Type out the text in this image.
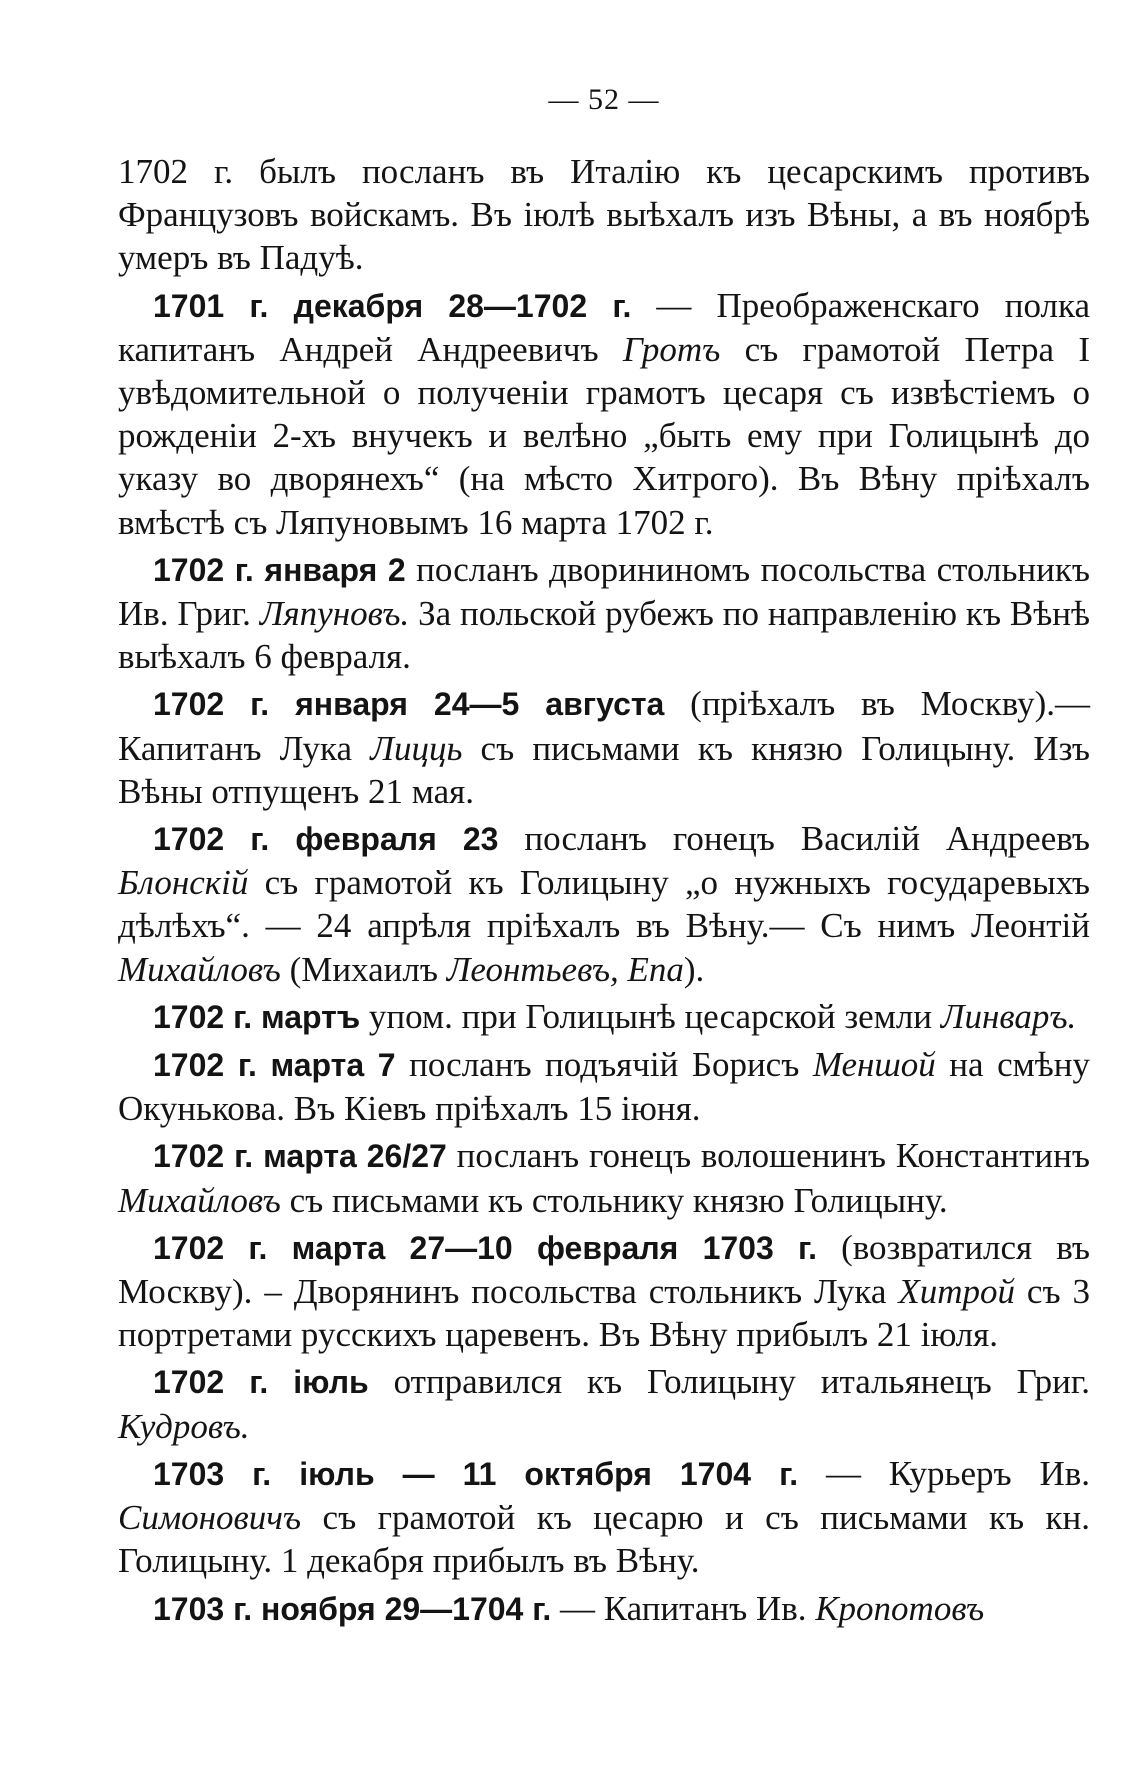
— 52 —

1702 г. былъ посланъ въ Италію къ цесарскимъ противъ Французовъ войскамъ. Въ іюлѣ выѣхалъ изъ Вѣны, а въ ноябрѣ умеръ въ Падуѣ.

1701 г. декабря 28—1702 г. — Преображенскаго полка капитанъ Андрей Андреевичъ Гротъ съ грамотой Петра I увѣдомительной о полученіи грамотъ цесаря съ извѣстіемъ о рожденіи 2-хъ внучекъ и велѣно „быть ему при Голицынѣ до указу во дворянехъ“ (на мѣсто Хитрого). Въ Вѣну пріѣхалъ вмѣстѣ съ Ляпуновымъ 16 марта 1702 г.

1702 г. января 2 посланъ дворининомъ посольства стольникъ Ив. Григ. Ляпуновъ. За польской рубежъ по направленію къ Вѣнѣ выѣхалъ 6 февраля.

1702 г. января 24—5 августа (пріѣхалъ въ Москву).— Капитанъ Лука Лицць съ письмами къ князю Голицыну. Изъ Вѣны отпущенъ 21 мая.

1702 г. февраля 23 посланъ гонецъ Василій Андреевъ Блонскій съ грамотой къ Голицыну „о нужныхъ государевыхъ дѣлѣхъ“. — 24 апрѣля пріѣхалъ въ Вѣну.— Съ нимъ Леонтій Михайловъ (Михаилъ Леонтьевъ, Епа).

1702 г. мартъ упом. при Голицынѣ цесарской земли Линваръ.

1702 г. марта 7 посланъ подъячій Борисъ Меншой на смѣну Окунькова. Въ Кіевъ пріѣхалъ 15 іюня.

1702 г. марта 26/27 посланъ гонецъ волошенинъ Константинъ Михайловъ съ письмами къ стольнику князю Голицыну.

1702 г. марта 27—10 февраля 1703 г. (возвратился въ Москву). – Дворянинъ посольства стольникъ Лука Хитрой съ 3 портретами русскихъ царевенъ. Въ Вѣну прибылъ 21 іюля.

1702 г. іюль отправился къ Голицыну итальянецъ Григ. Кудровъ.

1703 г. іюль — 11 октября 1704 г. — Курьеръ Ив. Симоновичъ съ грамотой къ цесарю и съ письмами къ кн. Голицыну. 1 декабря прибылъ въ Вѣну.

1703 г. ноября 29—1704 г. — Капитанъ Ив. Кропотовъ
